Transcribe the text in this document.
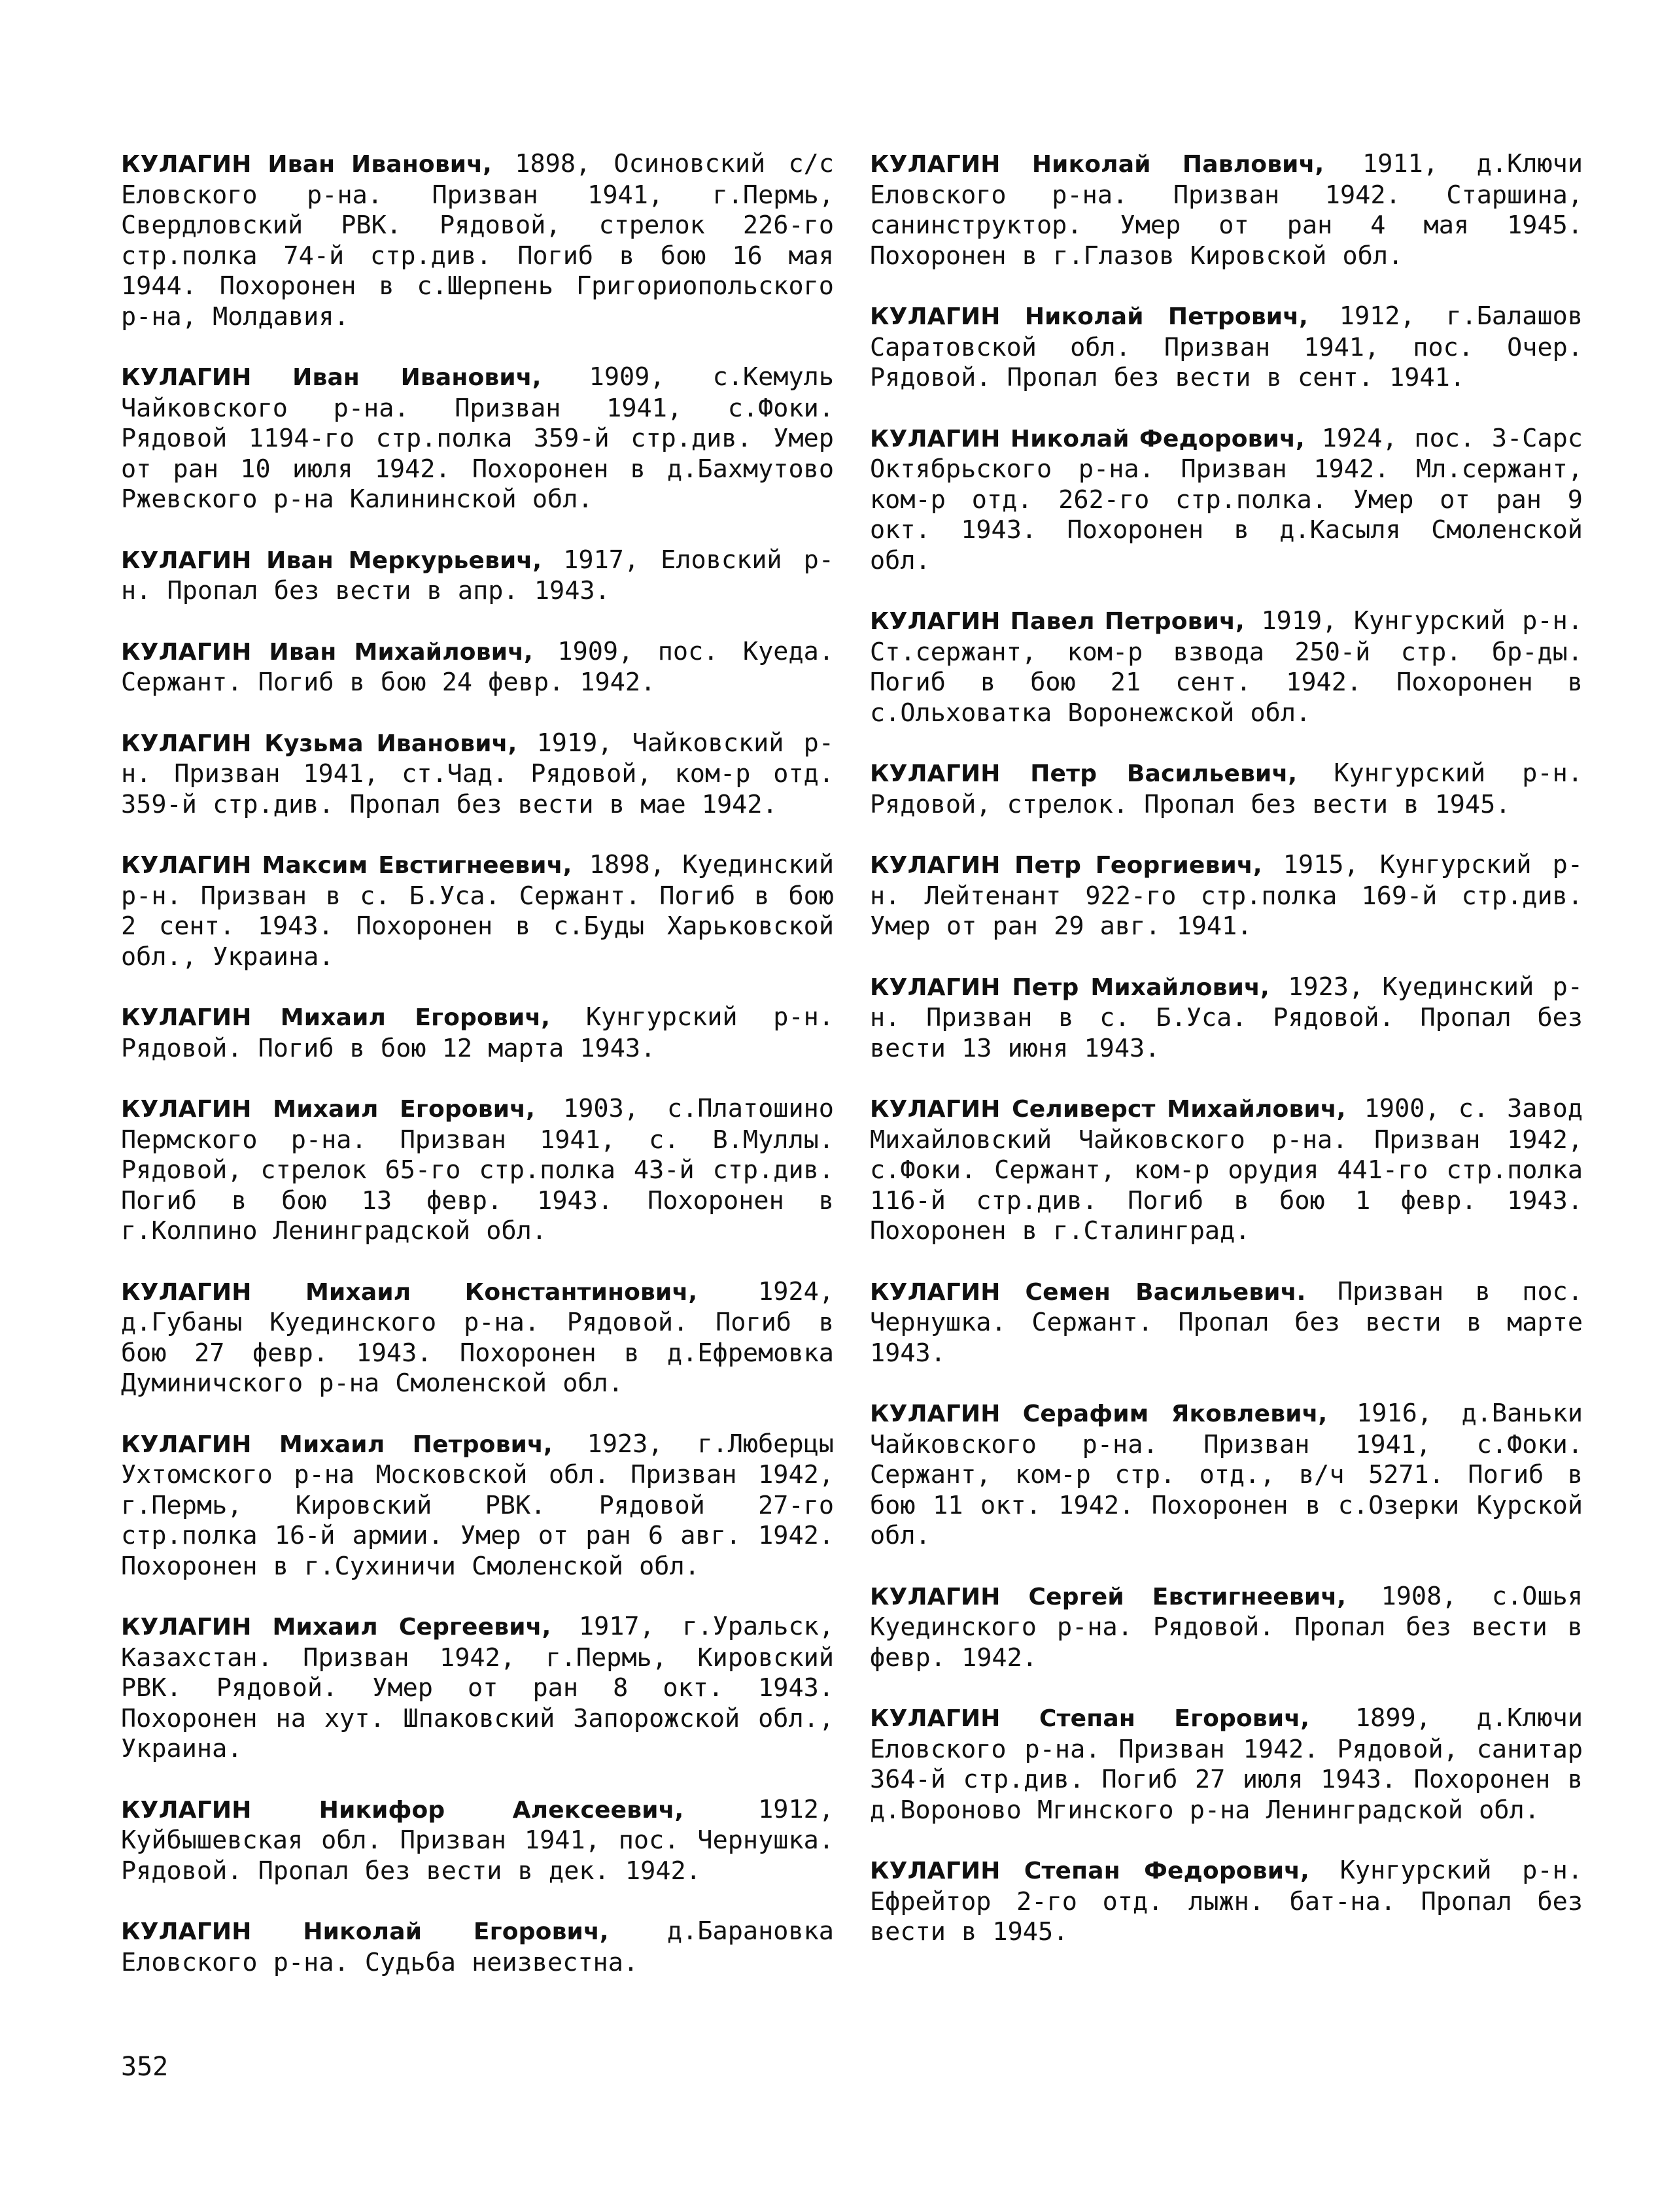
КУЛАГИН Иван Иванович, 1898, Осиновский с/с Еловского р-на. Призван 1941, г.Пермь, Свердловский РВК. Рядовой, стрелок 226-го стр.полка 74-й стр.див. Погиб в бою 16 мая 1944. Похоронен в с.Шерпень Григориопольского р-на, Молдавия.

КУЛАГИН Иван Иванович, 1909, с.Кемуль Чайковского р-на. Призван 1941, с.Фоки. Рядовой 1194-го стр.полка 359-й стр.див. Умер от ран 10 июля 1942. Похоронен в д.Бахмутово Ржевского р-на Калининской обл.

КУЛАГИН Иван Меркурьевич, 1917, Еловский р-н. Пропал без вести в апр. 1943.

КУЛАГИН Иван Михайлович, 1909, пос. Куеда. Сержант. Погиб в бою 24 февр. 1942.

КУЛАГИН Кузьма Иванович, 1919, Чайковский р-н. Призван 1941, ст.Чад. Рядовой, ком-р отд. 359-й стр.див. Пропал без вести в мае 1942.

КУЛАГИН Максим Евстигнеевич, 1898, Куединский р-н. Призван в с. Б.Уса. Сержант. Погиб в бою 2 сент. 1943. Похоронен в с.Буды Харьковской обл., Украина.

КУЛАГИН Михаил Егорович, Кунгурский р-н. Рядовой. Погиб в бою 12 марта 1943.

КУЛАГИН Михаил Егорович, 1903, с.Платошино Пермского р-на. Призван 1941, с. В.Муллы. Рядовой, стрелок 65-го стр.полка 43-й стр.див. Погиб в бою 13 февр. 1943. Похоронен в г.Колпино Ленинградской обл.

КУЛАГИН Михаил Константинович, 1924, д.Губаны Куединского р-на. Рядовой. Погиб в бою 27 февр. 1943. Похоронен в д.Ефремовка Думиничского р-на Смоленской обл.

КУЛАГИН Михаил Петрович, 1923, г.Люберцы Ухтомского р-на Московской обл. Призван 1942, г.Пермь, Кировский РВК. Рядовой 27-го стр.полка 16-й армии. Умер от ран 6 авг. 1942. Похоронен в г.Сухиничи Смоленской обл.

КУЛАГИН Михаил Сергеевич, 1917, г.Уральск, Казахстан. Призван 1942, г.Пермь, Кировский РВК. Рядовой. Умер от ран 8 окт. 1943. Похоронен на хут. Шпаковский Запорожской обл., Украина.

КУЛАГИН Никифор Алексеевич, 1912, Куйбышевская обл. Призван 1941, пос. Чернушка. Рядовой. Пропал без вести в дек. 1942.

КУЛАГИН Николай Егорович, д.Барановка Еловского р-на. Судьба неизвестна.

КУЛАГИН Николай Павлович, 1911, д.Ключи Еловского р-на. Призван 1942. Старшина, санинструктор. Умер от ран 4 мая 1945. Похоронен в г.Глазов Кировской обл.

КУЛАГИН Николай Петрович, 1912, г.Балашов Саратовской обл. Призван 1941, пос. Очер. Рядовой. Пропал без вести в сент. 1941.

КУЛАГИН Николай Федорович, 1924, пос. 3-Сарс Октябрьского р-на. Призван 1942. Мл.сержант, ком-р отд. 262-го стр.полка. Умер от ран 9 окт. 1943. Похоронен в д.Касыля Смоленской обл.

КУЛАГИН Павел Петрович, 1919, Кунгурский р-н. Ст.сержант, ком-р взвода 250-й стр. бр-ды. Погиб в бою 21 сент. 1942. Похоронен в с.Ольховатка Воронежской обл.

КУЛАГИН Петр Васильевич, Кунгурский р-н. Рядовой, стрелок. Пропал без вести в 1945.

КУЛАГИН Петр Георгиевич, 1915, Кунгурский р-н. Лейтенант 922-го стр.полка 169-й стр.див. Умер от ран 29 авг. 1941.

КУЛАГИН Петр Михайлович, 1923, Куединский р-н. Призван в с. Б.Уса. Рядовой. Пропал без вести 13 июня 1943.

КУЛАГИН Селиверст Михайлович, 1900, с. Завод Михайловский Чайковского р-на. Призван 1942, с.Фоки. Сержант, ком-р орудия 441-го стр.полка 116-й стр.див. Погиб в бою 1 февр. 1943. Похоронен в г.Сталинград.

КУЛАГИН Семен Васильевич. Призван в пос. Чернушка. Сержант. Пропал без вести в марте 1943.

КУЛАГИН Серафим Яковлевич, 1916, д.Ваньки Чайковского р-на. Призван 1941, с.Фоки. Сержант, ком-р стр. отд., в/ч 5271. Погиб в бою 11 окт. 1942. Похоронен в с.Озерки Курской обл.

КУЛАГИН Сергей Евстигнеевич, 1908, с.Ошья Куединского р-на. Рядовой. Пропал без вести в февр. 1942.

КУЛАГИН Степан Егорович, 1899, д.Ключи Еловского р-на. Призван 1942. Рядовой, санитар 364-й стр.див. Погиб 27 июля 1943. Похоронен в д.Вороново Мгинского р-на Ленинградской обл.

КУЛАГИН Степан Федорович, Кунгурский р-н. Ефрейтор 2-го отд. лыжн. бат-на. Пропал без вести в 1945.

352
